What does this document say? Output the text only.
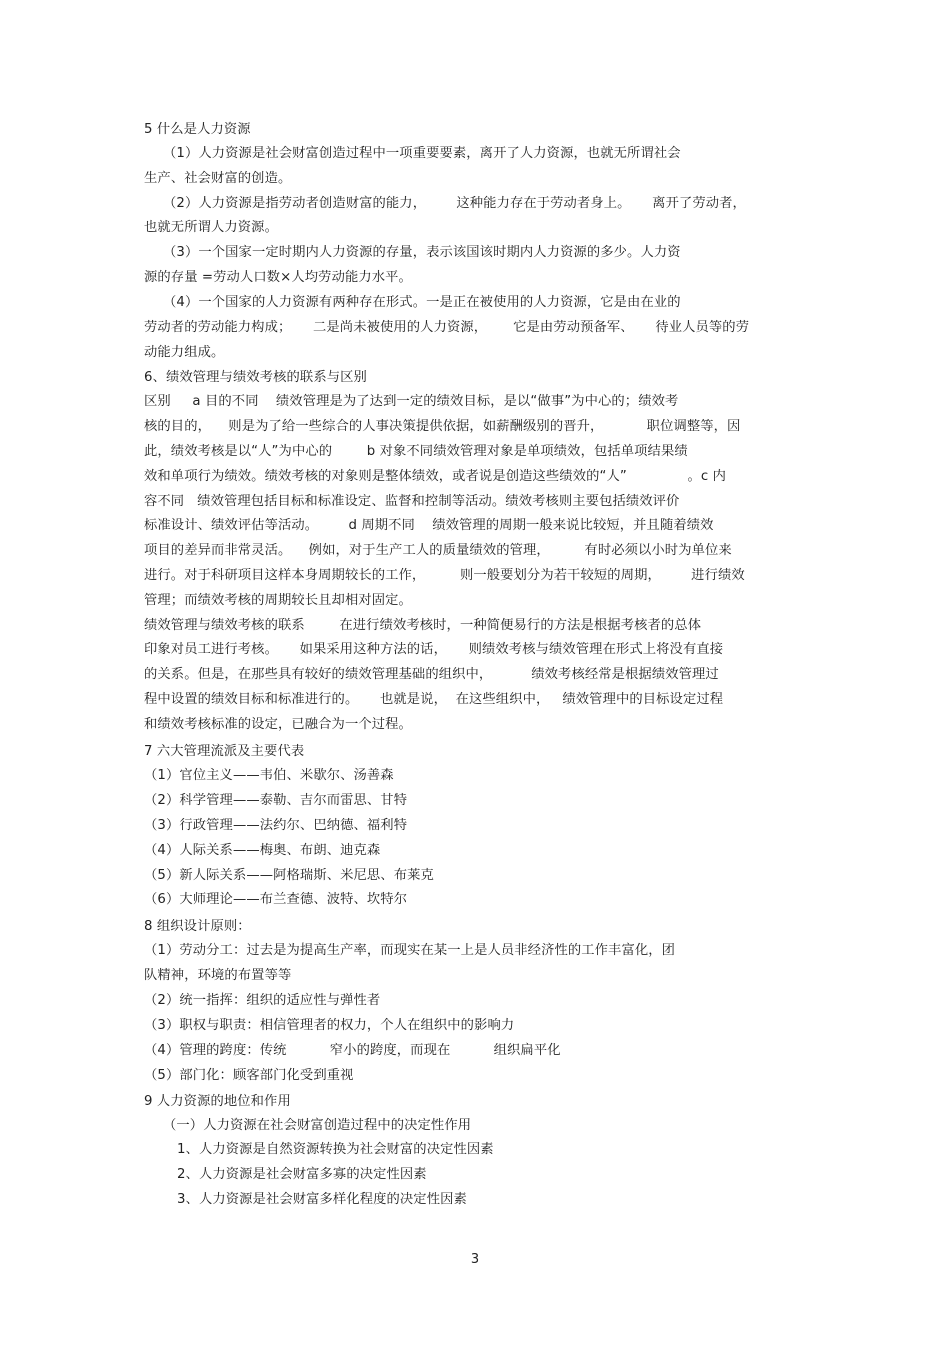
5 什么是人力资源
（1）人力资源是社会财富创造过程中一项重要要素，离开了人力资源，也就无所谓社会
生产、社会财富的创造。
（2）人力资源是指劳动者创造财富的能力，       这种能力存在于劳动者身上。     离开了劳动者，
也就无所谓人力资源。
（3）一个国家一定时期内人力资源的存量，表示该国该时期内人力资源的多少。人力资
源的存量 =劳动人口数×人均劳动能力水平。
（4）一个国家的人力资源有两种存在形式。一是正在被使用的人力资源，它是由在业的
劳动者的劳动能力构成；     二是尚未被使用的人力资源，      它是由劳动预备军、     待业人员等的劳
动能力组成。
6、绩效管理与绩效考核的联系与区别
区别     a 目的不同    绩效管理是为了达到一定的绩效目标，是以“做事”为中心的；绩效考
核的目的，    则是为了给一些综合的人事决策提供依据，如薪酬级别的晋升，          职位调整等，因
此，绩效考核是以“人”为中心的        b 对象不同绩效管理对象是单项绩效，包括单项结果绩
效和单项行为绩效。绩效考核的对象则是整体绩效，或者说是创造这些绩效的“人”              。c 内
容不同   绩效管理包括目标和标准设定、监督和控制等活动。绩效考核则主要包括绩效评价
标准设计、绩效评估等活动。       d 周期不同    绩效管理的周期一般来说比较短，并且随着绩效
项目的差异而非常灵活。    例如，对于生产工人的质量绩效的管理，        有时必须以小时为单位来
进行。对于科研项目这样本身周期较长的工作，        则一般要划分为若干较短的周期，       进行绩效
管理；而绩效考核的周期较长且却相对固定。
绩效管理与绩效考核的联系        在进行绩效考核时，一种简便易行的方法是根据考核者的总体
印象对员工进行考核。     如果采用这种方法的话，     则绩效考核与绩效管理在形式上将没有直接
的关系。但是，在那些具有较好的绩效管理基础的组织中，         绩效考核经常是根据绩效管理过
程中设置的绩效目标和标准进行的。     也就是说，  在这些组织中，   绩效管理中的目标设定过程
和绩效考核标准的设定，已融合为一个过程。
7 六大管理流派及主要代表
（1）官位主义——韦伯、米歇尔、汤善森
（2）科学管理——泰勒、吉尔而雷思、甘特
（3）行政管理——法约尔、巴纳德、福利特
（4）人际关系——梅奥、布朗、迪克森
（5）新人际关系——阿格瑞斯、米尼思、布莱克
（6）大师理论——布兰查德、波特、坎特尔
8 组织设计原则：
（1）劳动分工：过去是为提高生产率，而现实在某一上是人员非经济性的工作丰富化，团
队精神，环境的布置等等
（2）统一指挥：组织的适应性与弹性者
（3）职权与职责：相信管理者的权力，个人在组织中的影响力
（4）管理的跨度：传统          窄小的跨度，而现在          组织扁平化
（5）部门化：顾客部门化受到重视
9 人力资源的地位和作用
（一）人力资源在社会财富创造过程中的决定性作用
1、人力资源是自然资源转换为社会财富的决定性因素
2、人力资源是社会财富多寡的决定性因素
3、人力资源是社会财富多样化程度的决定性因素
3
